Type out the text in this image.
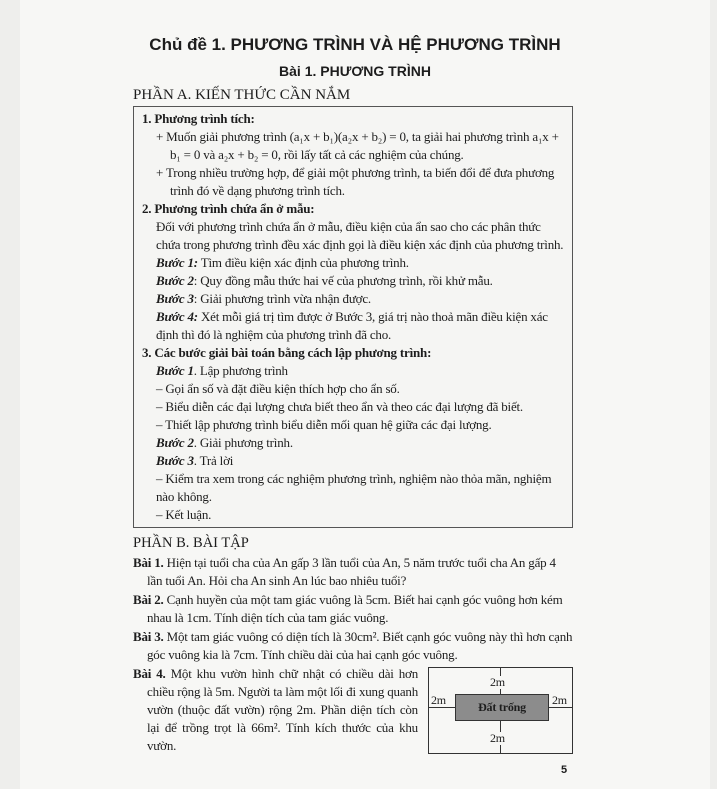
Chủ đề 1. PHƯƠNG TRÌNH VÀ HỆ PHƯƠNG TRÌNH
Bài 1. PHƯƠNG TRÌNH
PHẦN A. KIẾN THỨC CẦN NẮM
1. Phương trình tích:
+ Muốn giải phương trình (a₁x + b₁)(a₂x + b₂) = 0, ta giải hai phương trình a₁x + b₁ = 0 và a₂x + b₂ = 0, rồi lấy tất cả các nghiệm của chúng.
+ Trong nhiều trường hợp, để giải một phương trình, ta biến đổi để đưa phương trình đó về dạng phương trình tích.
2. Phương trình chứa ẩn ở mẫu:
Đối với phương trình chứa ẩn ở mẫu, điều kiện của ẩn sao cho các phân thức chứa trong phương trình đều xác định gọi là điều kiện xác định của phương trình.
Bước 1: Tìm điều kiện xác định của phương trình.
Bước 2: Quy đồng mẫu thức hai vế của phương trình, rồi khử mẫu.
Bước 3: Giải phương trình vừa nhận được.
Bước 4: Xét mỗi giá trị tìm được ở Bước 3, giá trị nào thoả mãn điều kiện xác định thì đó là nghiệm của phương trình đã cho.
3. Các bước giải bài toán bằng cách lập phương trình:
Bước 1. Lập phương trình
– Gọi ẩn số và đặt điều kiện thích hợp cho ẩn số.
– Biểu diễn các đại lượng chưa biết theo ẩn và theo các đại lượng đã biết.
– Thiết lập phương trình biểu diễn mối quan hệ giữa các đại lượng.
Bước 2. Giải phương trình.
Bước 3. Trả lời
– Kiểm tra xem trong các nghiệm phương trình, nghiệm nào thỏa mãn, nghiệm nào không.
– Kết luận.
PHẦN B. BÀI TẬP
Bài 1. Hiện tại tuổi cha của An gấp 3 lần tuổi của An, 5 năm trước tuổi cha An gấp 4 lần tuổi An. Hỏi cha An sinh An lúc bao nhiêu tuổi?
Bài 2. Cạnh huyền của một tam giác vuông là 5cm. Biết hai cạnh góc vuông hơn kém nhau là 1cm. Tính diện tích của tam giác vuông.
Bài 3. Một tam giác vuông có diện tích là 30cm². Biết cạnh góc vuông này thì hơn cạnh góc vuông kia là 7cm. Tính chiều dài của hai cạnh góc vuông.
Bài 4. Một khu vườn hình chữ nhật có chiều dài hơn chiều rộng là 5m. Người ta làm một lối đi xung quanh vườn (thuộc đất vườn) rộng 2m. Phần diện tích còn lại để trồng trọt là 66m². Tính kích thước của khu vườn.
Đất trống
2m
2m
2m	2m
5
